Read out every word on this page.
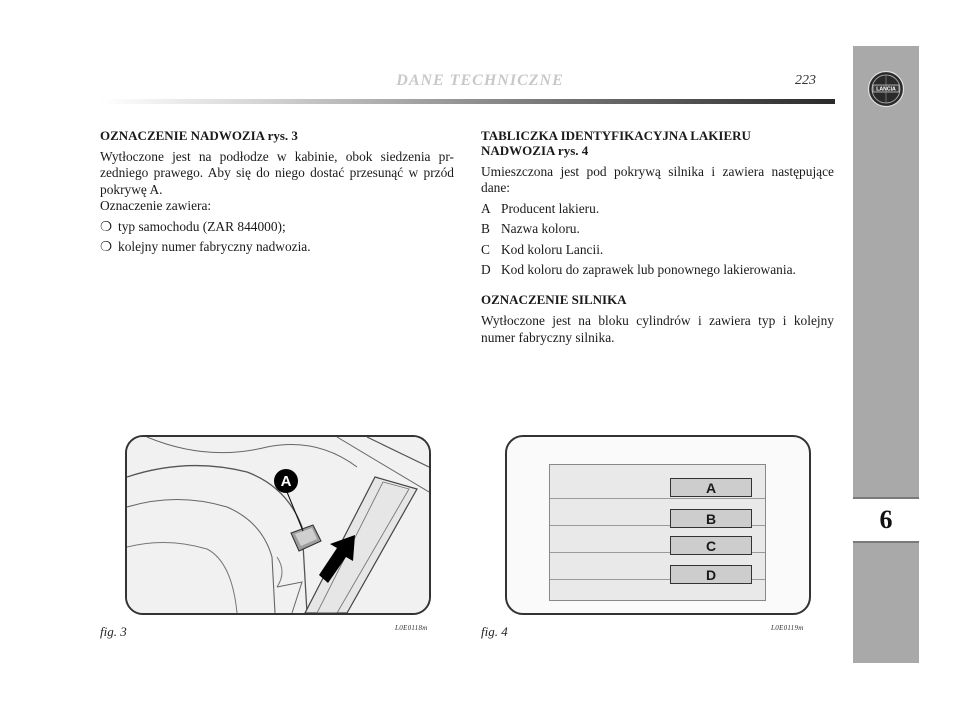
DANE TECHNICZNE	223
LANCIA
6
OZNACZENIE NADWOZIA rys. 3

Wytłoczone jest na podłodze w kabinie, obok siedzenia pr-zedniego prawego. Aby się do niego dostać przesunąć w przód pokrywę A.

Oznaczenie zawiera:

❍ typ samochodu (ZAR 844000);
❍ kolejny numer fabryczny nadwozia.
TABLICZKA IDENTYFIKACYJNA LAKIERU
NADWOZIA rys. 4

Umieszczona jest pod pokrywą silnika i zawiera następujące dane:

A Producent lakieru.
B Nazwa koloru.
C Kod koloru Lancii.
D Kod koloru do zaprawek lub ponownego lakierowania.
OZNACZENIE SILNIKA

Wytłoczone jest na bloku cylindrów i zawiera typ i kolejny numer fabryczny silnika.

A
fig. 3	L0E0118m
A
B
C
D
fig. 4	L0E0119m
